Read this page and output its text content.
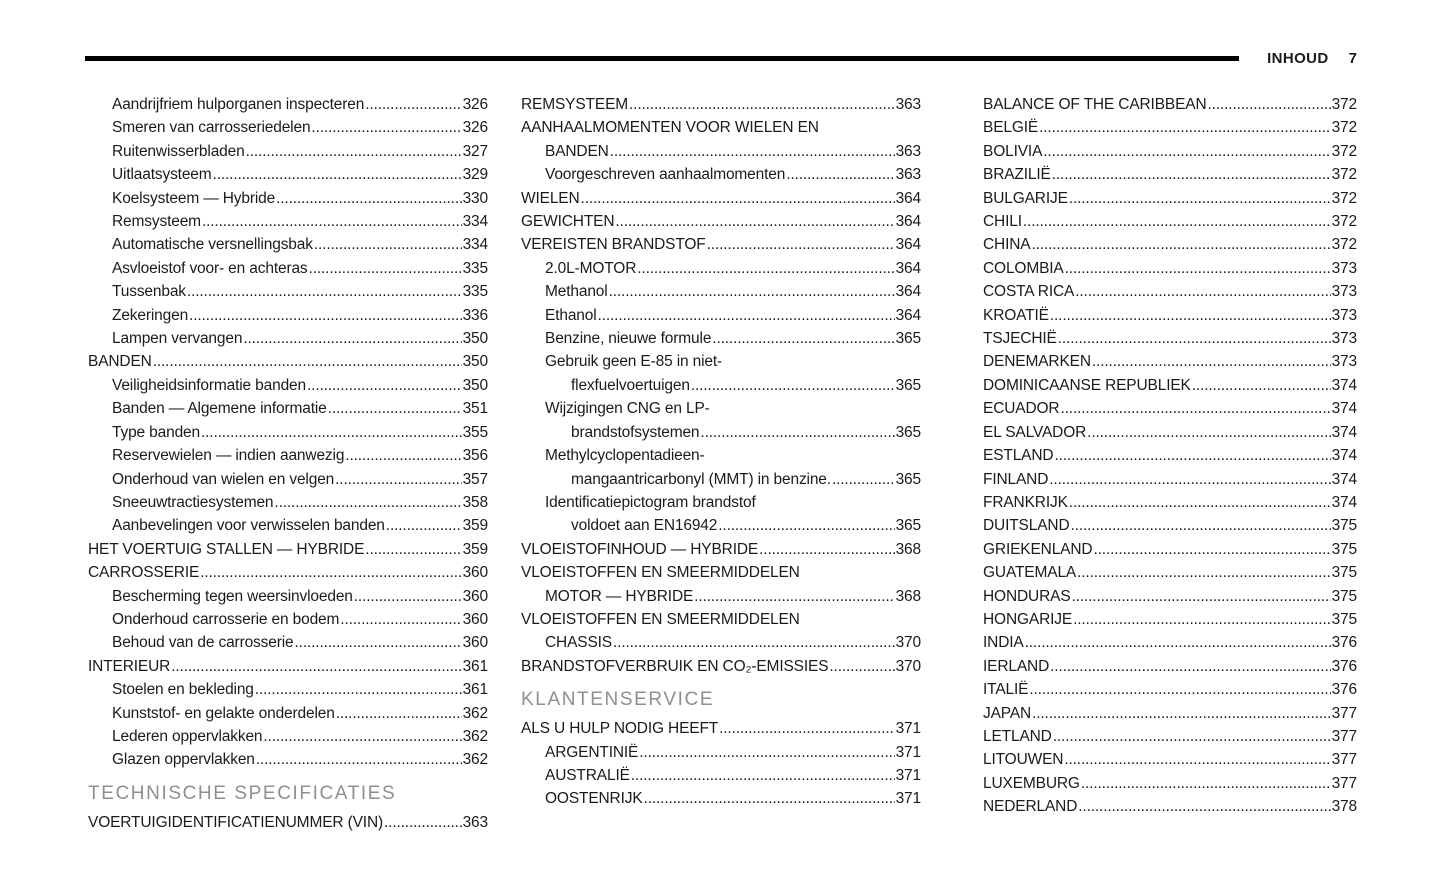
INHOUD 7
Aandrijfriem hulporganen inspecteren .....	326
Smeren van carrosseriedelen .....	326
Ruitenwisserbladen .....	327
Uitlaatsysteem .....	329
Koelsysteem — Hybride .....	330
Remsysteem .....	334
Automatische versnellingsbak .....	334
Asvloeistof voor- en achteras .....	335
Tussenbak .....	335
Zekeringen .....	336
Lampen vervangen .....	350
BANDEN .....	350
Veiligheidsinformatie banden .....	350
Banden — Algemene informatie .....	351
Type banden .....	355
Reservewielen — indien aanwezig .....	356
Onderhoud van wielen en velgen .....	357
Sneeuwtractiesystemen .....	358
Aanbevelingen voor verwisselen banden .....	359
HET VOERTUIG STALLEN — HYBRIDE .....	359
CARROSSERIE .....	360
Bescherming tegen weersinvloeden .....	360
Onderhoud carrosserie en bodem .....	360
Behoud van de carrosserie .....	360
INTERIEUR .....	361
Stoelen en bekleding .....	361
Kunststof- en gelakte onderdelen .....	362
Lederen oppervlakken .....	362
Glazen oppervlakken .....	362
TECHNISCHE SPECIFICATIES
VOERTUIGIDENTIFICATIENUMMER (VIN) .....	363
REMSYSTEEM .....	363
AANHAALMOMENTEN VOOR WIELEN EN
BANDEN .....	363
Voorgeschreven aanhaalmomenten .....	363
WIELEN .....	364
GEWICHTEN .....	364
VEREISTEN BRANDSTOF .....	364
2.0L-MOTOR .....	364
Methanol .....	364
Ethanol .....	364
Benzine, nieuwe formule .....	365
Gebruik geen E-85 in niet-
flexfuelvoertuigen .....	365
Wijzigingen CNG en LP-
brandstofsystemen .....	365
Methylcyclopentadieen-
mangaantricarbonyl (MMT) in benzine. .....	365
Identificatiepictogram brandstof
voldoet aan EN16942 .....	365
VLOEISTOFINHOUD — HYBRIDE .....	368
VLOEISTOFFEN EN SMEERMIDDELEN
MOTOR — HYBRIDE .....	368
VLOEISTOFFEN EN SMEERMIDDELEN
CHASSIS .....	370
BRANDSTOFVERBRUIK EN CO₂-EMISSIES .....	370
KLANTENSERVICE
ALS U HULP NODIG HEEFT .....	371
ARGENTINIË .....	371
AUSTRALIË .....	371
OOSTENRIJK .....	371
BALANCE OF THE CARIBBEAN .....	372
BELGIË .....	372
BOLIVIA .....	372
BRAZILIË .....	372
BULGARIJE .....	372
CHILI .....	372
CHINA .....	372
COLOMBIA .....	373
COSTA RICA .....	373
KROATIË .....	373
TSJECHIË .....	373
DENEMARKEN .....	373
DOMINICAANSE REPUBLIEK .....	374
ECUADOR .....	374
EL SALVADOR .....	374
ESTLAND .....	374
FINLAND .....	374
FRANKRIJK .....	374
DUITSLAND .....	375
GRIEKENLAND .....	375
GUATEMALA .....	375
HONDURAS .....	375
HONGARIJE .....	375
INDIA .....	376
IERLAND .....	376
ITALIË .....	376
JAPAN .....	377
LETLAND .....	377
LITOUWEN .....	377
LUXEMBURG .....	377
NEDERLAND .....	378
